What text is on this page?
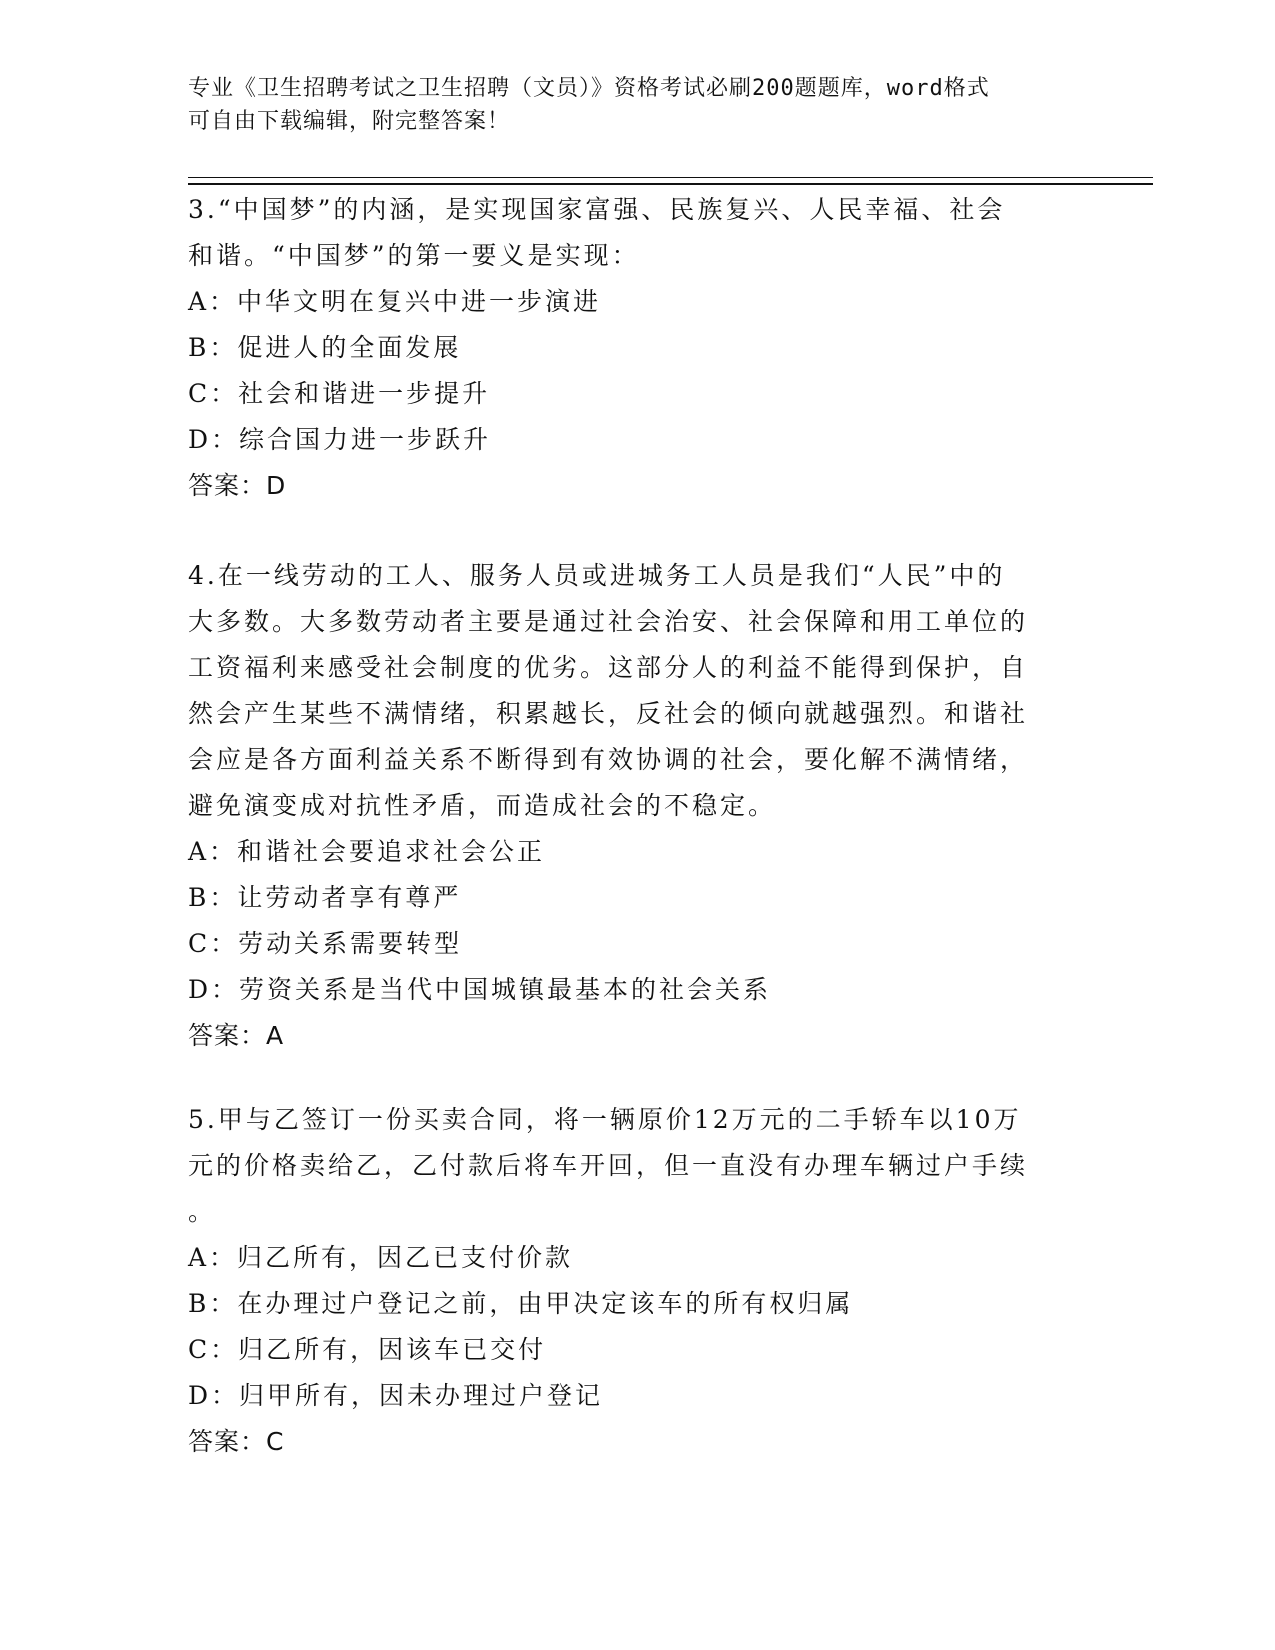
专业《卫生招聘考试之卫生招聘（文员）》资格考试必刷200题题库，word格式
可自由下载编辑，附完整答案！
3.“中国梦”的内涵，是实现国家富强、民族复兴、人民幸福、社会
和谐。“中国梦”的第一要义是实现：
A：中华文明在复兴中进一步演进
B：促进人的全面发展
C：社会和谐进一步提升
D：综合国力进一步跃升
答案：D
4.在一线劳动的工人、服务人员或进城务工人员是我们“人民”中的
大多数。大多数劳动者主要是通过社会治安、社会保障和用工单位的
工资福利来感受社会制度的优劣。这部分人的利益不能得到保护，自
然会产生某些不满情绪，积累越长，反社会的倾向就越强烈。和谐社
会应是各方面利益关系不断得到有效协调的社会，要化解不满情绪，
避免演变成对抗性矛盾，而造成社会的不稳定。
A：和谐社会要追求社会公正
B：让劳动者享有尊严
C：劳动关系需要转型
D：劳资关系是当代中国城镇最基本的社会关系
答案：A
5.甲与乙签订一份买卖合同，将一辆原价12万元的二手轿车以10万
元的价格卖给乙，乙付款后将车开回，但一直没有办理车辆过户手续
。
A：归乙所有，因乙已支付价款
B：在办理过户登记之前，由甲决定该车的所有权归属
C：归乙所有，因该车已交付
D：归甲所有，因未办理过户登记
答案：C
